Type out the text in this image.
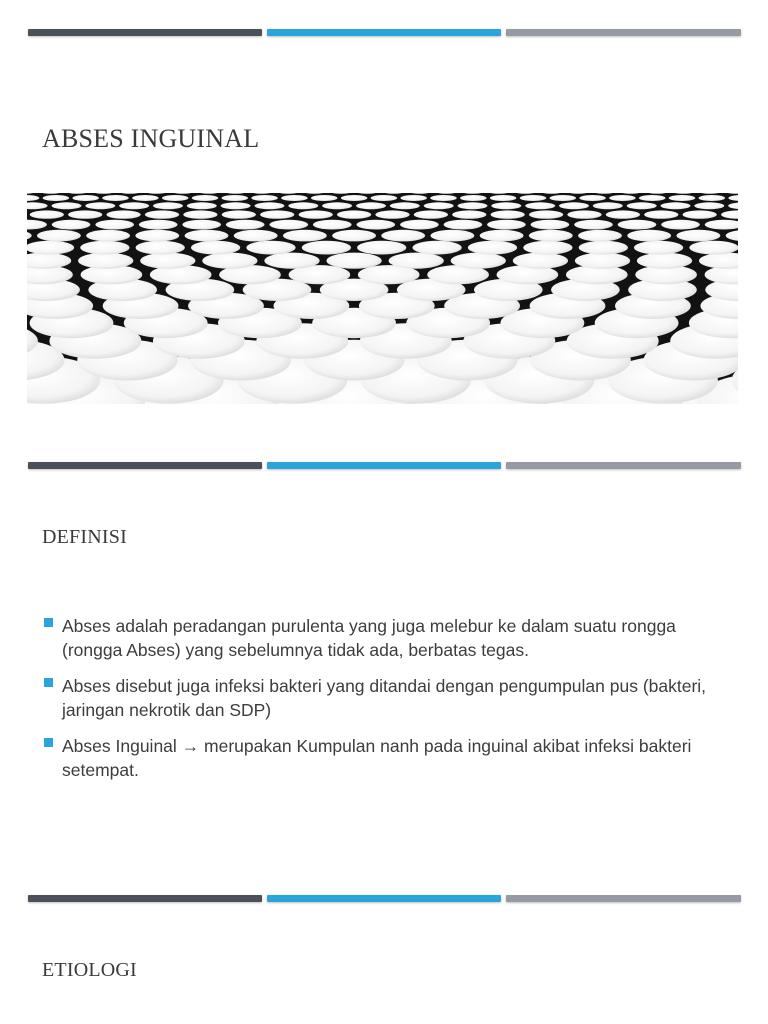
ABSES INGUINAL
DEFINISI
Abses adalah peradangan purulenta yang juga melebur ke dalam suatu rongga (rongga Abses) yang sebelumnya tidak ada, berbatas tegas.
Abses disebut juga infeksi bakteri yang ditandai dengan pengumpulan pus (bakteri, jaringan nekrotik dan SDP)
Abses Inguinal → merupakan Kumpulan nanh pada inguinal akibat infeksi bakteri setempat.
ETIOLOGI
